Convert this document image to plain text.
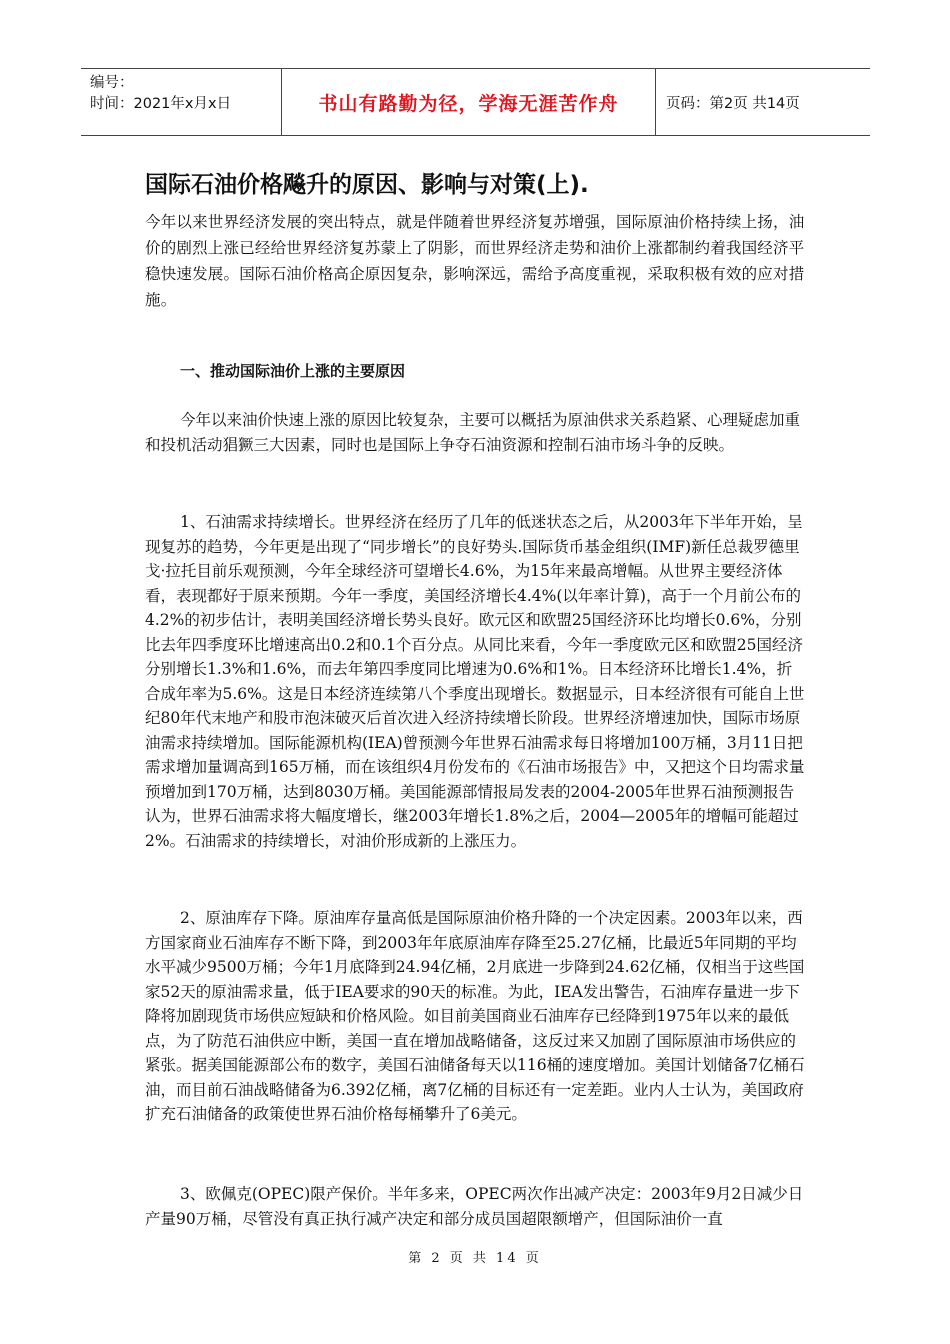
编号：
时间：2021年x月x日	书山有路勤为径，学海无涯苦作舟	页码：第2页 共14页
国际石油价格飚升的原因、影响与对策(上).

今年以来世界经济发展的突出特点，就是伴随着世界经济复苏增强，国际原油价格持续上扬，油价的剧烈上涨已经给世界经济复苏蒙上了阴影，而世界经济走势和油价上涨都制约着我国经济平稳快速发展。国际石油价格高企原因复杂，影响深远，需给予高度重视，采取积极有效的应对措施。

一、推动国际油价上涨的主要原因

今年以来油价快速上涨的原因比较复杂，主要可以概括为原油供求关系趋紧、心理疑虑加重和投机活动猖獗三大因素，同时也是国际上争夺石油资源和控制石油市场斗争的反映。

1、石油需求持续增长。世界经济在经历了几年的低迷状态之后，从2003年下半年开始，呈现复苏的趋势，今年更是出现了“同步增长”的良好势头.国际货币基金组织(IMF)新任总裁罗德里戈·拉托目前乐观预测，今年全球经济可望增长4.6%，为15年来最高增幅。从世界主要经济体看，表现都好于原来预期。今年一季度，美国经济增长4.4%(以年率计算)，高于一个月前公布的4.2%的初步估计，表明美国经济增长势头良好。欧元区和欧盟25国经济环比均增长0.6%，分别比去年四季度环比增速高出0.2和0.1个百分点。从同比来看，今年一季度欧元区和欧盟25国经济分别增长1.3%和1.6%，而去年第四季度同比增速为0.6%和1%。日本经济环比增长1.4%，折合成年率为5.6%。这是日本经济连续第八个季度出现增长。数据显示，日本经济很有可能自上世纪80年代末地产和股市泡沫破灭后首次进入经济持续增长阶段。世界经济增速加快，国际市场原油需求持续增加。国际能源机构(IEA)曾预测今年世界石油需求每日将增加100万桶，3月11日把需求增加量调高到165万桶，而在该组织4月份发布的《石油市场报告》中，又把这个日均需求量预增加到170万桶，达到8030万桶。美国能源部情报局发表的2004-2005年世界石油预测报告认为，世界石油需求将大幅度增长，继2003年增长1.8%之后，2004—2005年的增幅可能超过2%。石油需求的持续增长，对油价形成新的上涨压力。

2、原油库存下降。原油库存量高低是国际原油价格升降的一个决定因素。2003年以来，西方国家商业石油库存不断下降，到2003年年底原油库存降至25.27亿桶，比最近5年同期的平均水平减少9500万桶；今年1月底降到24.94亿桶，2月底进一步降到24.62亿桶，仅相当于这些国家52天的原油需求量，低于IEA要求的90天的标准。为此，IEA发出警告，石油库存量进一步下降将加剧现货市场供应短缺和价格风险。如目前美国商业石油库存已经降到1975年以来的最低点，为了防范石油供应中断，美国一直在增加战略储备，这反过来又加剧了国际原油市场供应的紧张。据美国能源部公布的数字，美国石油储备每天以116桶的速度增加。美国计划储备7亿桶石油，而目前石油战略储备为6.392亿桶，离7亿桶的目标还有一定差距。业内人士认为，美国政府扩充石油储备的政策使世界石油价格每桶攀升了6美元。

3、欧佩克(OPEC)限产保价。半年多来，OPEC两次作出减产决定：2003年9月2日减少日产量90万桶，尽管没有真正执行减产决定和部分成员国超限额增产，但国际油价一直

第 2 页 共 14 页
